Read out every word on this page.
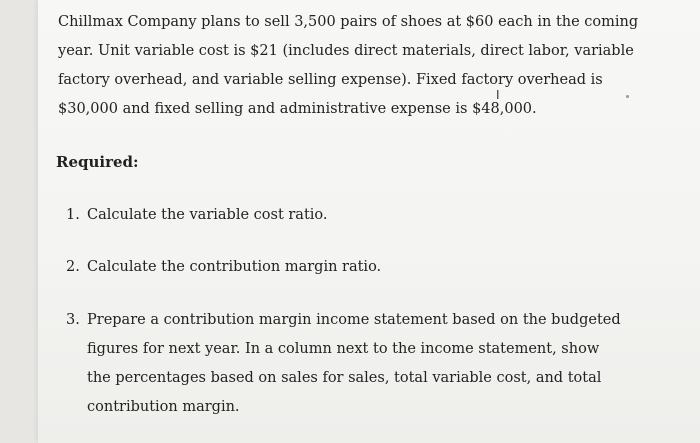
Chillmax Company plans to sell 3,500 pairs of shoes at $60 each in the coming year. Unit variable cost is $21 (includes direct materials, direct labor, variable factory overhead, and variable selling expense). Fixed factory overhead is $30,000 and fixed selling and administrative expense is $48,000.

I

Required:

1. Calculate the variable cost ratio.
2. Calculate the contribution margin ratio.
3. Prepare a contribution margin income statement based on the budgeted figures for next year. In a column next to the income statement, show the percentages based on sales for sales, total variable cost, and total contribution margin.
